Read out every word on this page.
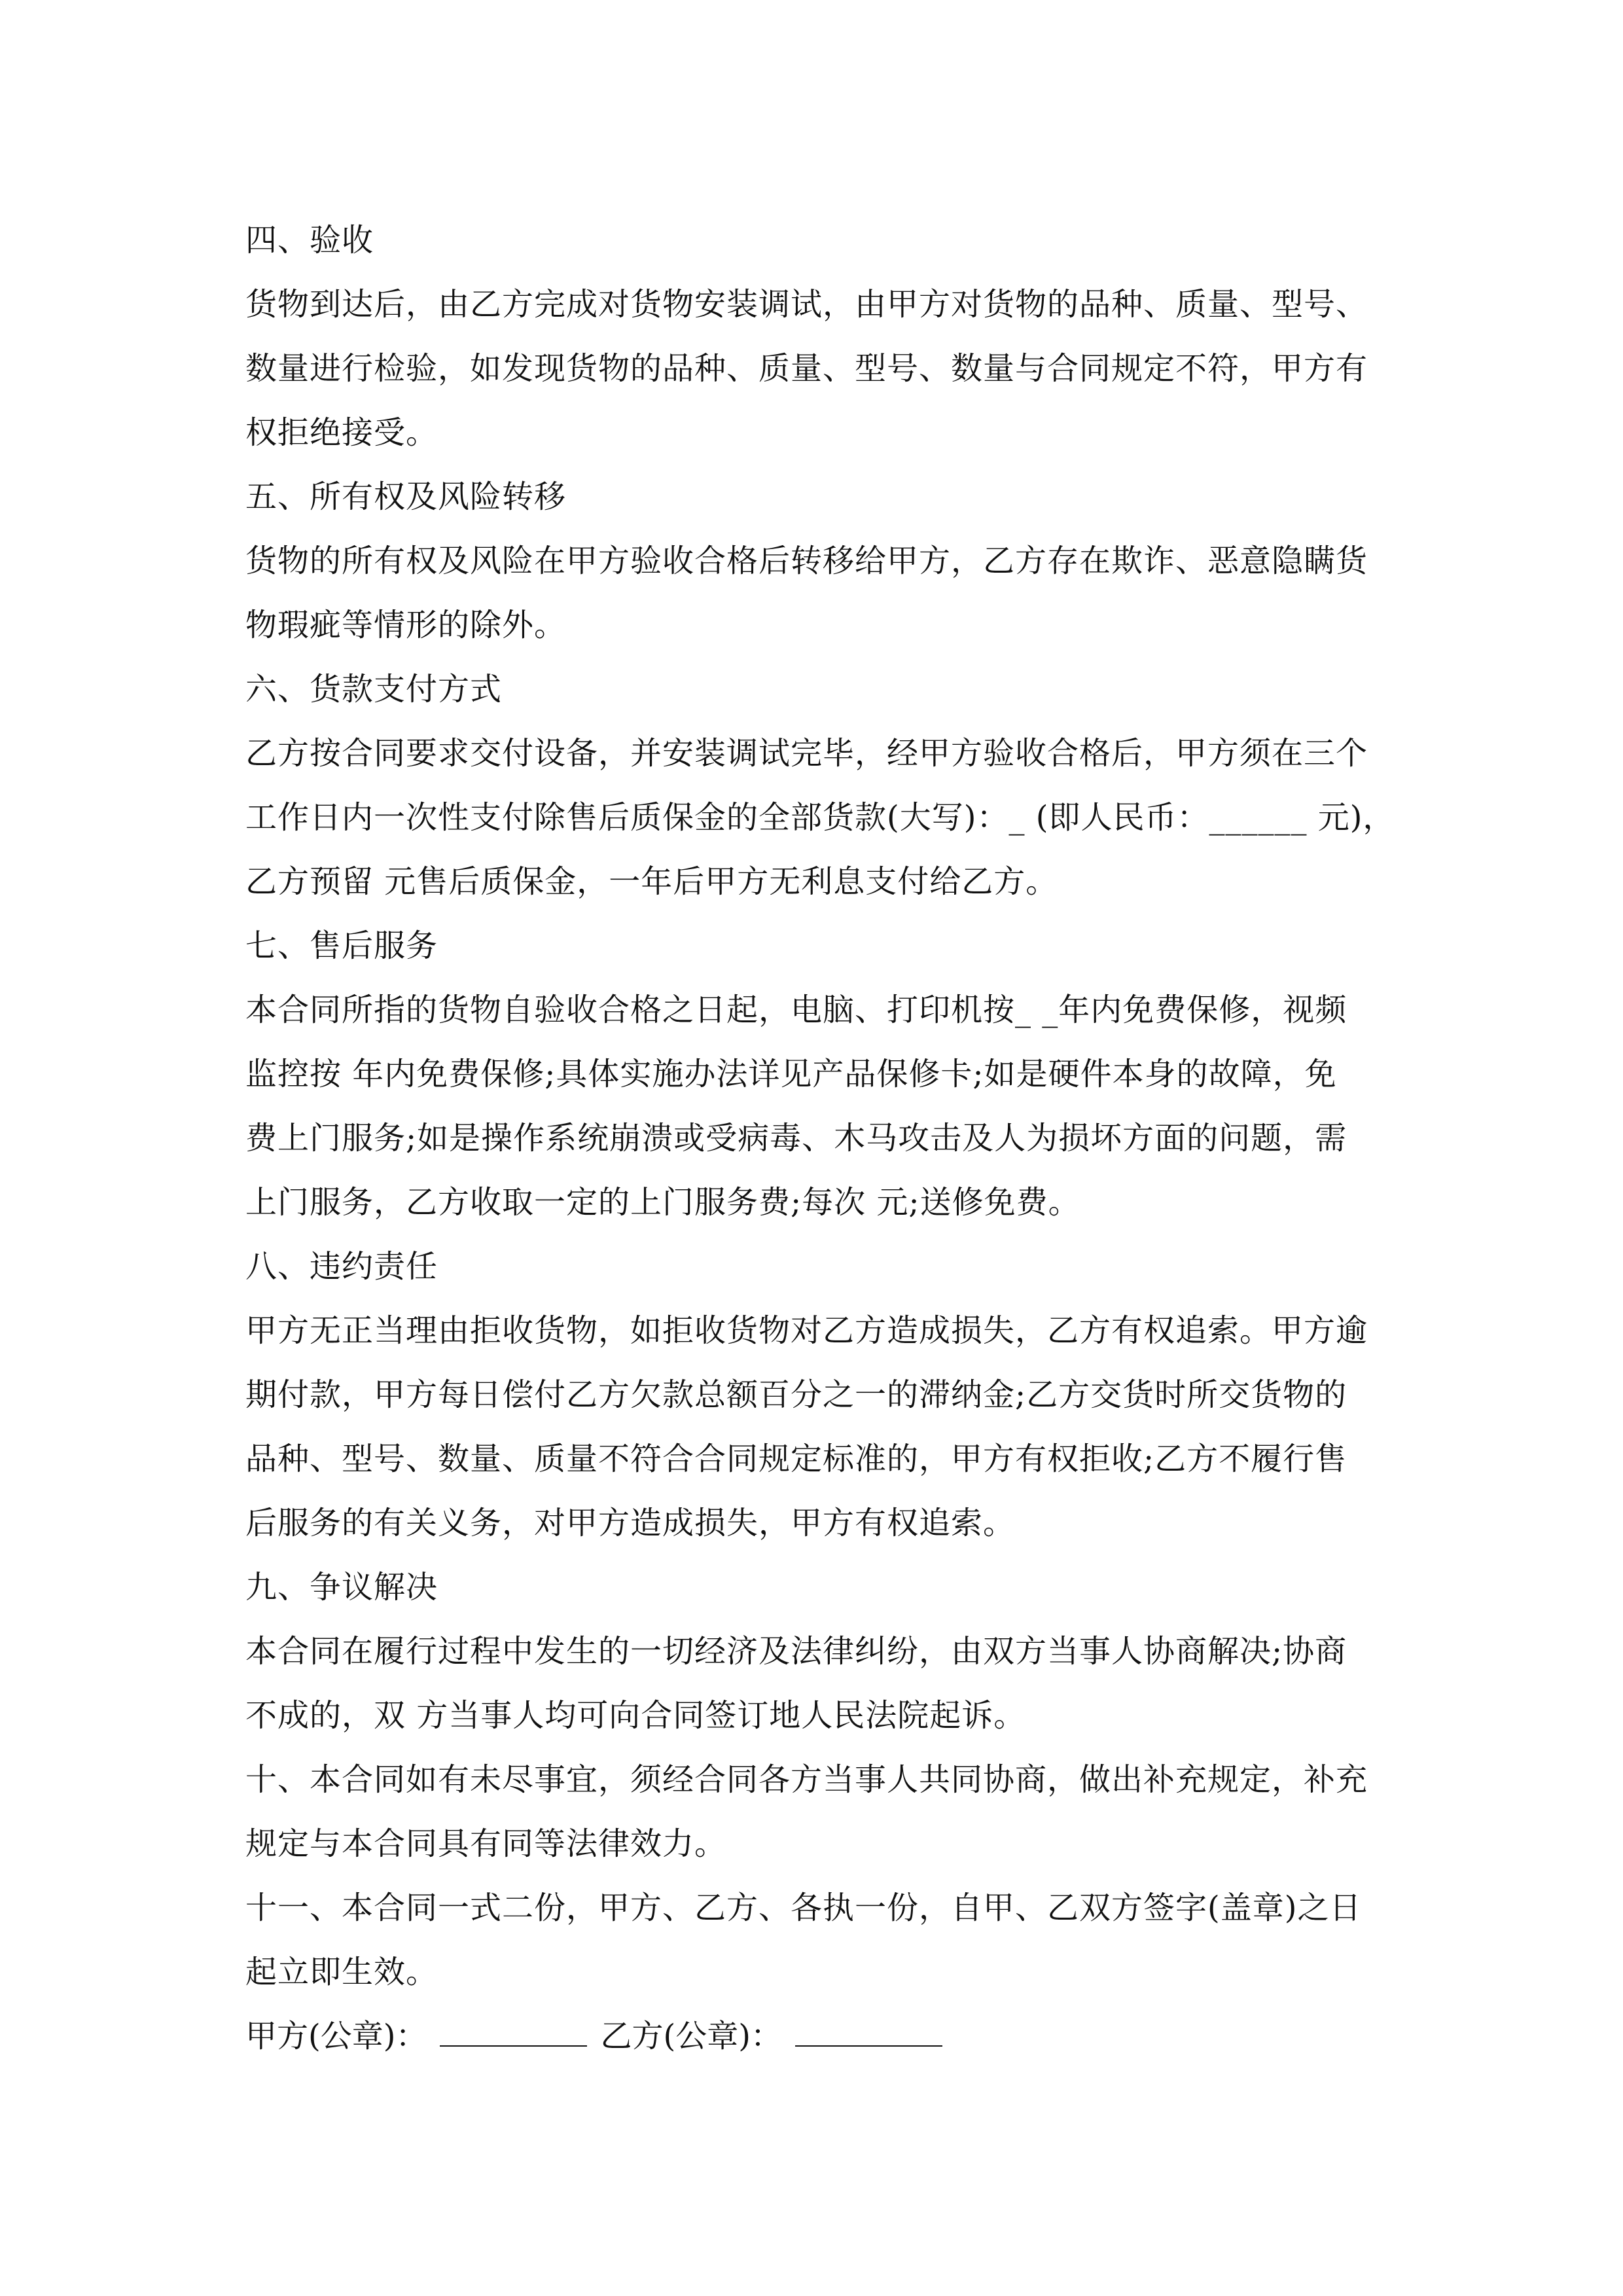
四、验收
货物到达后，由乙方完成对货物安装调试，由甲方对货物的品种、质量、型号、
数量进行检验，如发现货物的品种、质量、型号、数量与合同规定不符，甲方有
权拒绝接受。
五、所有权及风险转移
货物的所有权及风险在甲方验收合格后转移给甲方，乙方存在欺诈、恶意隐瞒货
物瑕疵等情形的除外。
六、货款支付方式
乙方按合同要求交付设备，并安装调试完毕，经甲方验收合格后，甲方须在三个
工作日内一次性支付除售后质保金的全部货款(大写)：_ (即人民币：______ 元)，
乙方预留 元售后质保金，一年后甲方无利息支付给乙方。
七、售后服务
本合同所指的货物自验收合格之日起，电脑、打印机按_ _年内免费保修，视频
监控按 年内免费保修;具体实施办法详见产品保修卡;如是硬件本身的故障，免
费上门服务;如是操作系统崩溃或受病毒、木马攻击及人为损坏方面的问题，需
上门服务，乙方收取一定的上门服务费;每次 元;送修免费。
八、违约责任
甲方无正当理由拒收货物，如拒收货物对乙方造成损失，乙方有权追索。甲方逾
期付款，甲方每日偿付乙方欠款总额百分之一的滞纳金;乙方交货时所交货物的
品种、型号、数量、质量不符合合同规定标准的，甲方有权拒收;乙方不履行售
后服务的有关义务，对甲方造成损失，甲方有权追索。
九、争议解决
本合同在履行过程中发生的一切经济及法律纠纷，由双方当事人协商解决;协商
不成的，双 方当事人均可向合同签订地人民法院起诉。
十、本合同如有未尽事宜，须经合同各方当事人共同协商，做出补充规定，补充
规定与本合同具有同等法律效力。
十一、本合同一式二份，甲方、乙方、各执一份，自甲、乙双方签字(盖章)之日
起立即生效。
甲方(公章)：	乙方(公章)：
